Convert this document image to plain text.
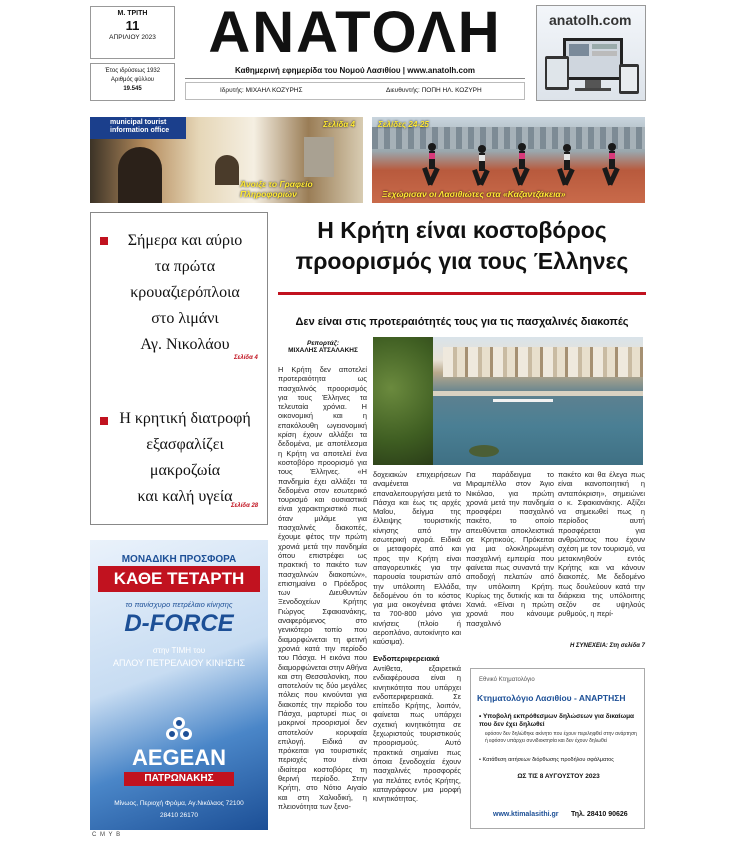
Μ. ΤΡΙΤΗ
11
ΑΠΡΙΛΙΟΥ 2023
Έτος ιδρύσεως 1932
Αριθμός φύλλου
19.545
ΑΝΑΤΟΛΗ
Καθημερινή εφημερίδα του Νομού Λασιθίου | www.anatolh.com
Ιδρυτής: ΜΙΧΑΗΛ ΚΟΖΥΡΗΣ	Διευθυντής: ΠΟΠΗ ΗΛ. ΚΟΖΥΡΗ
anatolh.com
municipal tourist information office
Σελίδα 4
Άνοιξε το Γραφείο Πληροφοριών
Σελίδες 24-25
Ξεχώρισαν οι Λασιθιώτες στα «Καζαντζάκεια»
Σήμερα και αύριο
τα πρώτα
κρουαζιερόπλοια
στο λιμάνι
Αγ. Νικολάου
Σελίδα 4
Η κρητική διατροφή
εξασφαλίζει
μακροζωία
και καλή υγεία
Σελίδα 28
Η Κρήτη είναι κοστοβόρος
προορισμός για τους Έλληνες
Δεν είναι στις προτεραιότητές τους για τις πασχαλινές διακοπές
Ρεπορτάζ:
ΜΙΧΑΛΗΣ ΑΤΣΑΛΑΚΗΣ
Η Κρήτη δεν αποτελεί προτεραιότητα ως πασχαλινός προορισμός για τους Έλληνες τα τελευταία χρόνια. Η οικονομική και η επακόλουθη ωγειονομική κρίση έχουν αλλάξει τα δεδομένα, με αποτέλεσμα η Κρήτη να αποτελεί ένα κοστοβόρο προορισμό για τους Έλληνες. «Η πανδημία έχει αλλάξει τα δεδομένα στον εσωτερικό τουρισμό και ουσιαστικά είναι χαρακτηριστικό πως όταν μιλάμε για πασχαλινές διακοπές, έχουμε φέτος την πρώτη χρονιά μετά την πανδημία όπου επιστρέφει ως πρακτική το πακέτο των πασχαλινών διακοπών», επισημαίνει ο Πρόεδρος των Διευθυντών Ξενοδοχείων Κρήτης Γιώργος Σφακιανάκης, αναφερόμενος στο γενικότερο τοπίο που διαμορφώνεται τη φετινή χρονιά κατά την περίοδο του Πάσχα. Η εικόνα που διαμορφώνεται στην Αθήνα και στη Θεσσαλονίκη, που αποτελούν τις δύο μεγάλες πόλεις που κινούνται για διακοπές την περίοδο του Πάσχα, μαρτυρεί πως οι μακρινοί προορισμοί δεν αποτελούν κορυφαία επιλογή. Ειδικά αν πρόκειται για τουριστικές περιοχές που είναι ιδιαίτερα κοστοβόρες τη θερινή περίοδο. Στην Κρήτη, στο Νότιο Αιγαίο και στη Χαλκιδική, η πλειονότητα των ξενο-
δοχειακών επιχειρήσεων αναμένεται να επαναλειτουργήσει μετά το Πάσχα και έως τις αρχές Μαΐου, δείγμα της έλλειψης τουριστικής κίνησης από την εσωτερική αγορά. Ειδικά οι μεταφορές από και προς την Κρήτη είναι απαγορευτικές για την παρουσία τουριστών από την υπόλοιπη Ελλάδα, δεδομένου ότι το κόστος για μια οικογένεια φτάνει τα 700-800 μόνο για κινήσεις (πλοίο ή αεροπλάνο, αυτοκίνητο και καύσιμα).
Ενδοπεριφερειακά
Αντίθετα, εξαιρετικά ενδιαφέρουσα είναι η κινητικότητα που υπάρχει ενδοπεριφερειακά. Σε επίπεδο Κρήτης, λοιπόν, φαίνεται πως υπάρχει σχετική κινητικότητα σε ξεχωριστούς τουριστικούς προορισμούς. Αυτό πρακτικά σημαίνει πως όποια ξενοδοχεία έχουν πασχαλινές προσφορές για πελάτες εντός Κρήτης, καταγράφουν μια μορφή κινητικότητας.
Για παράδειγμα το Μιραμπέλλο στον Άγιο Νικόλαο, για πρώτη χρονιά μετά την πανδημία προσφέρει πασχαλινό πακέτο, το οποίο απευθύνεται αποκλειστικά σε Κρητικούς. Πρόκειται για μια ολοκληρωμένη πασχαλινή εμπειρία που φαίνεται πως συναντά την αποδοχή πελατών από την υπόλοιπη Κρήτη. Κυρίως της δυτικής και τα Χανιά. «Είναι η πρώτη χρονιά που κάνουμε πασχαλινό
πακέτο και θα έλεγα πως είναι ικανοποιητική η ανταπόκριση», σημειώνει ο κ. Σφακιανάκης. Αξίζει να σημειωθεί πως η περίοδος αυτή προσφέρεται για ανθρώπους που έχουν σχέση με τον τουρισμό, να μετακινηθούν εντός Κρήτης και να κάνουν διακοπές. Με δεδομένο πως δουλεύουν κατά την διάρκεια της υπόλοιπης σεζόν σε υψηλούς ρυθμούς, η περί-
Η ΣΥΝΕΧΕΙΑ: Στη σελίδα 7
ΜΟΝΑΔΙΚΗ ΠΡΟΣΦΟΡΑ
ΚΑΘΕ ΤΕΤΑΡΤΗ
το πανίσχυρο πετρέλαιο κίνησης
D-FORCE
στην ΤΙΜΗ του
ΑΠΛΟΥ ΠΕΤΡΕΛΑΙΟΥ ΚΙΝΗΣΗΣ
AEGEAN
ΠΑΤΡΩΝΑΚΗΣ
Μίνωος, Περιοχή Φρόμα, Αγ.Νικόλαος 72100
28410 26170
Εθνικό Κτηματολόγιο
Κτηματολόγιο Λασιθίου - ΑΝΑΡΤΗΣΗ
• Υποβολή εκπρόθεσμων δηλώσεων για δικαίωμα που δεν έχει δηλωθεί
εφόσον δεν δηλώθηκε ακίνητο που έχουν περιληφθεί στην ανάρτηση ή εφόσον υπάρχει συνιδιοκτησία και δεν έχουν δηλωθεί
• Κατάθεση αιτήσεων διόρθωσης προδήλου σφάλματος
ΩΣ ΤΙΣ 8 ΑΥΓΟΥΣΤΟΥ 2023
www.ktimalasithi.gr Τηλ. 28410 90626
C M Y B
